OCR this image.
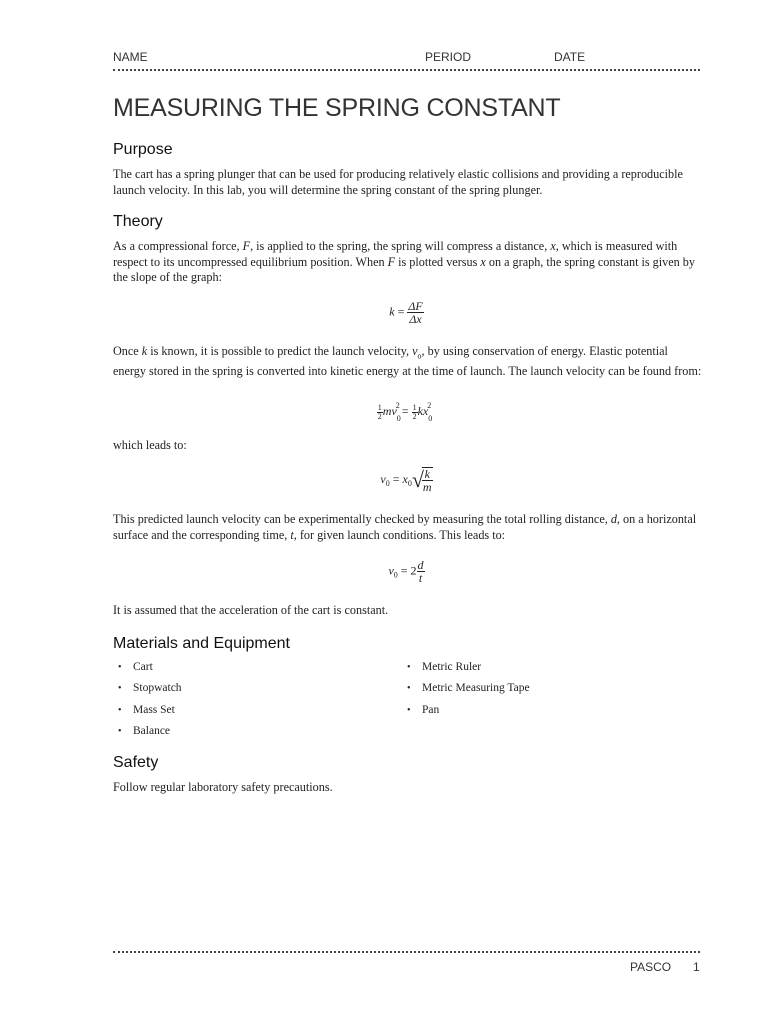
NAME	PERIOD	DATE
MEASURING THE SPRING CONSTANT
Purpose

The cart has a spring plunger that can be used for producing relatively elastic collisions and providing a reproducible launch velocity. In this lab, you will determine the spring constant of the spring plunger.

Theory

As a compressional force, F, is applied to the spring, the spring will compress a distance, x, which is measured with respect to its uncompressed equilibrium position. When F is plotted versus x on a graph, the spring constant is given by the slope of the graph:

$k = \frac{\Delta F}{\Delta x}$

Once k is known, it is possible to predict the launch velocity, $v_o$, by using conservation of energy. Elastic potential energy stored in the spring is converted into kinetic energy at the time of launch. The launch velocity can be found from:

$\frac{1}{2} mv_0^2 = \frac{1}{2} kx_0^2$

which leads to:

$v_0 = x_0√$
$\frac{k}{m}$

This predicted launch velocity can be experimentally checked by measuring the total rolling distance, d, on a horizontal surface and the corresponding time, t, for given launch conditions. This leads to:

$v_0 = 2 \frac{d}{t}$

It is assumed that the acceleration of the cart is constant.

Materials and Equipment
• Cart
• Stopwatch
• Mass Set
• Balance
• Metric Ruler
• Metric Measuring Tape
• Pan
Safety

Follow regular laboratory safety precautions.

PASCO 1
